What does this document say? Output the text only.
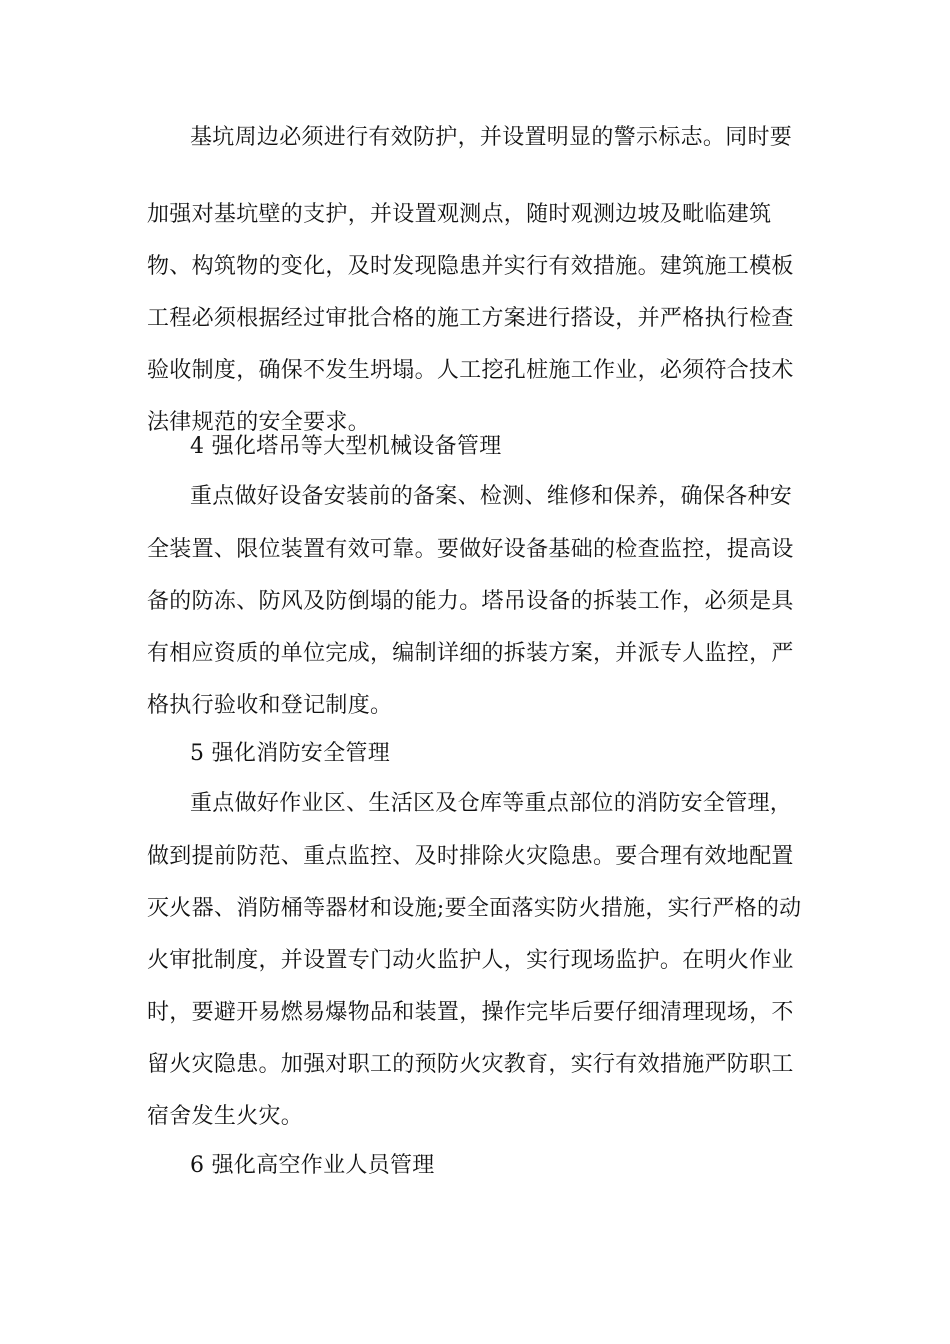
基坑周边必须进行有效防护，并设置明显的警示标志。同时要
加强对基坑壁的支护，并设置观测点，随时观测边坡及毗临建筑
物、构筑物的变化，及时发现隐患并实行有效措施。建筑施工模板
工程必须根据经过审批合格的施工方案进行搭设，并严格执行检查
验收制度，确保不发生坍塌。人工挖孔桩施工作业，必须符合技术
法律规范的安全要求。
4 强化塔吊等大型机械设备管理
重点做好设备安装前的备案、检测、维修和保养，确保各种安
全装置、限位装置有效可靠。要做好设备基础的检查监控，提高设
备的防冻、防风及防倒塌的能力。塔吊设备的拆装工作，必须是具
有相应资质的单位完成，编制详细的拆装方案，并派专人监控，严
格执行验收和登记制度。
5 强化消防安全管理
重点做好作业区、生活区及仓库等重点部位的消防安全管理，
做到提前防范、重点监控、及时排除火灾隐患。要合理有效地配置
灭火器、消防桶等器材和设施;要全面落实防火措施，实行严格的动
火审批制度，并设置专门动火监护人，实行现场监护。在明火作业
时，要避开易燃易爆物品和装置，操作完毕后要仔细清理现场，不
留火灾隐患。加强对职工的预防火灾教育，实行有效措施严防职工
宿舍发生火灾。
6 强化高空作业人员管理
